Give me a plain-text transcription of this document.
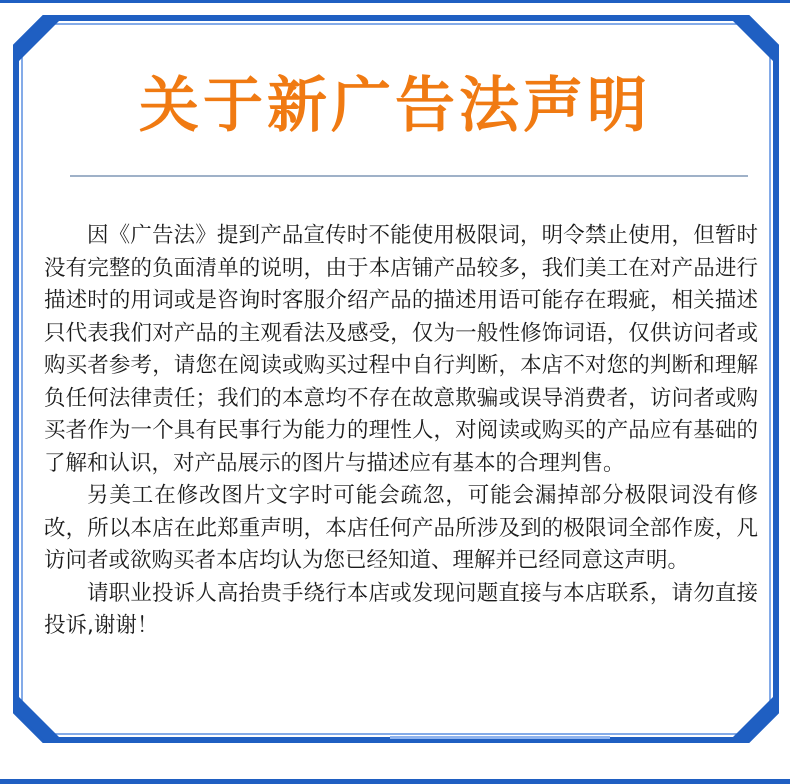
关于新广告法声明

因《广告法》提到产品宣传时不能使用极限词，明令禁止使用，但暂时没有完整的负面清单的说明，由于本店铺产品较多，我们美工在对产品进行描述时的用词或是咨询时客服介绍产品的描述用语可能存在瑕疵，相关描述只代表我们对产品的主观看法及感受，仅为一般性修饰词语，仅供访问者或购买者参考，请您在阅读或购买过程中自行判断，本店不对您的判断和理解负任何法律责任；我们的本意均不存在故意欺骗或误导消费者，访问者或购买者作为一个具有民事行为能力的理性人，对阅读或购买的产品应有基础的了解和认识，对产品展示的图片与描述应有基本的合理判售。

另美工在修改图片文字时可能会疏忽，可能会漏掉部分极限词没有修改，所以本店在此郑重声明，本店任何产品所涉及到的极限词全部作废，凡访问者或欲购买者本店均认为您已经知道、理解并已经同意这声明。

请职业投诉人高抬贵手绕行本店或发现问题直接与本店联系，请勿直接投诉,谢谢！
